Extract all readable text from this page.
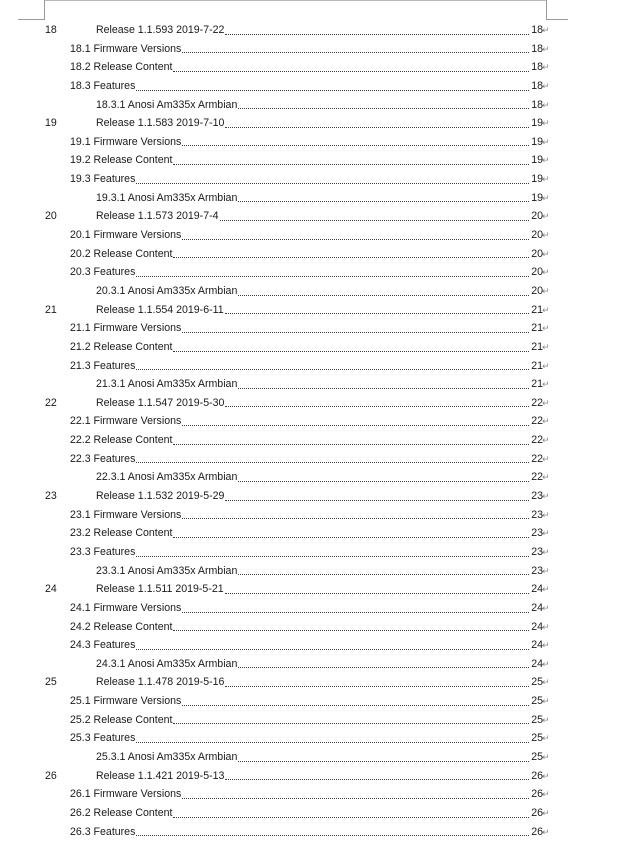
18	Release 1.1.593 2019-7-22	18 ↵
18.1 Firmware Versions	18 ↵
18.2 Release Content	18 ↵
18.3 Features	18 ↵
18.3.1 Anosi Am335x Armbian	18 ↵
19	Release 1.1.583 2019-7-10	19 ↵
19.1 Firmware Versions	19 ↵
19.2 Release Content	19 ↵
19.3 Features	19 ↵
19.3.1 Anosi Am335x Armbian	19 ↵
20	Release 1.1.573 2019-7-4	20 ↵
20.1 Firmware Versions	20 ↵
20.2 Release Content	20 ↵
20.3 Features	20 ↵
20.3.1 Anosi Am335x Armbian	20 ↵
21	Release 1.1.554 2019-6-11	21 ↵
21.1 Firmware Versions	21 ↵
21.2 Release Content	21 ↵
21.3 Features	21 ↵
21.3.1 Anosi Am335x Armbian	21 ↵
22	Release 1.1.547 2019-5-30	22 ↵
22.1 Firmware Versions	22 ↵
22.2 Release Content	22 ↵
22.3 Features	22 ↵
22.3.1 Anosi Am335x Armbian	22 ↵
23	Release 1.1.532 2019-5-29	23 ↵
23.1 Firmware Versions	23 ↵
23.2 Release Content	23 ↵
23.3 Features	23 ↵
23.3.1 Anosi Am335x Armbian	23 ↵
24	Release 1.1.511 2019-5-21	24 ↵
24.1 Firmware Versions	24 ↵
24.2 Release Content	24 ↵
24.3 Features	24 ↵
24.3.1 Anosi Am335x Armbian	24 ↵
25	Release 1.1.478 2019-5-16	25 ↵
25.1 Firmware Versions	25 ↵
25.2 Release Content	25 ↵
25.3 Features	25 ↵
25.3.1 Anosi Am335x Armbian	25 ↵
26	Release 1.1.421 2019-5-13	26 ↵
26.1 Firmware Versions	26 ↵
26.2 Release Content	26 ↵
26.3 Features	26 ↵
